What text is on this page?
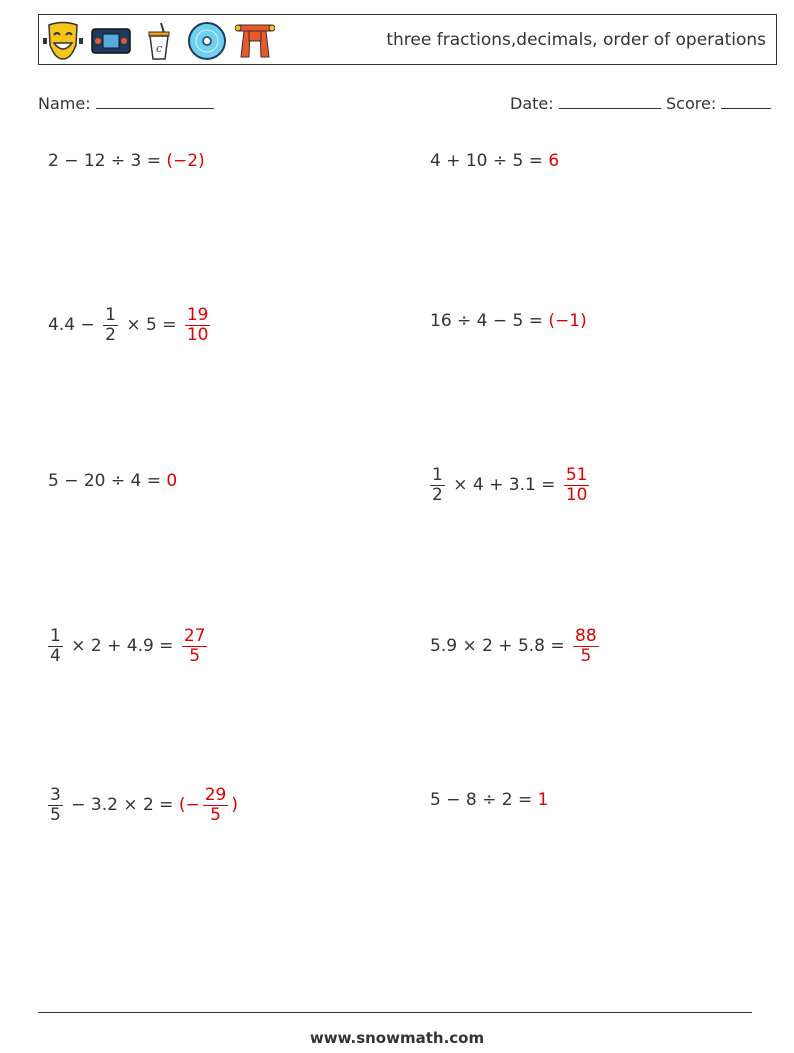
c	three fractions,decimals, order of operations
Name:	Date:	Score:
2 − 12 ÷ 3 = (−2)	4 + 10 ÷ 5 = 6
$4.4 - \frac{1}{2} \times 5 = \frac{19}{10}$	16 ÷ 4 − 5 = (−1)
5 − 20 ÷ 4 = 0	$\frac{1}{2} \times 4 + 3.1 = \frac{51}{10}$
$\frac{1}{4} \times 2 + 4.9 = \frac{27}{5}$	$5.9 \times 2 + 5.8 = \frac{88}{5}$
$\frac{3}{5} - 3.2 \times 2$ = (− $\frac{29}{5}$ )	5 − 8 ÷ 2 = 1
www.snowmath.com
